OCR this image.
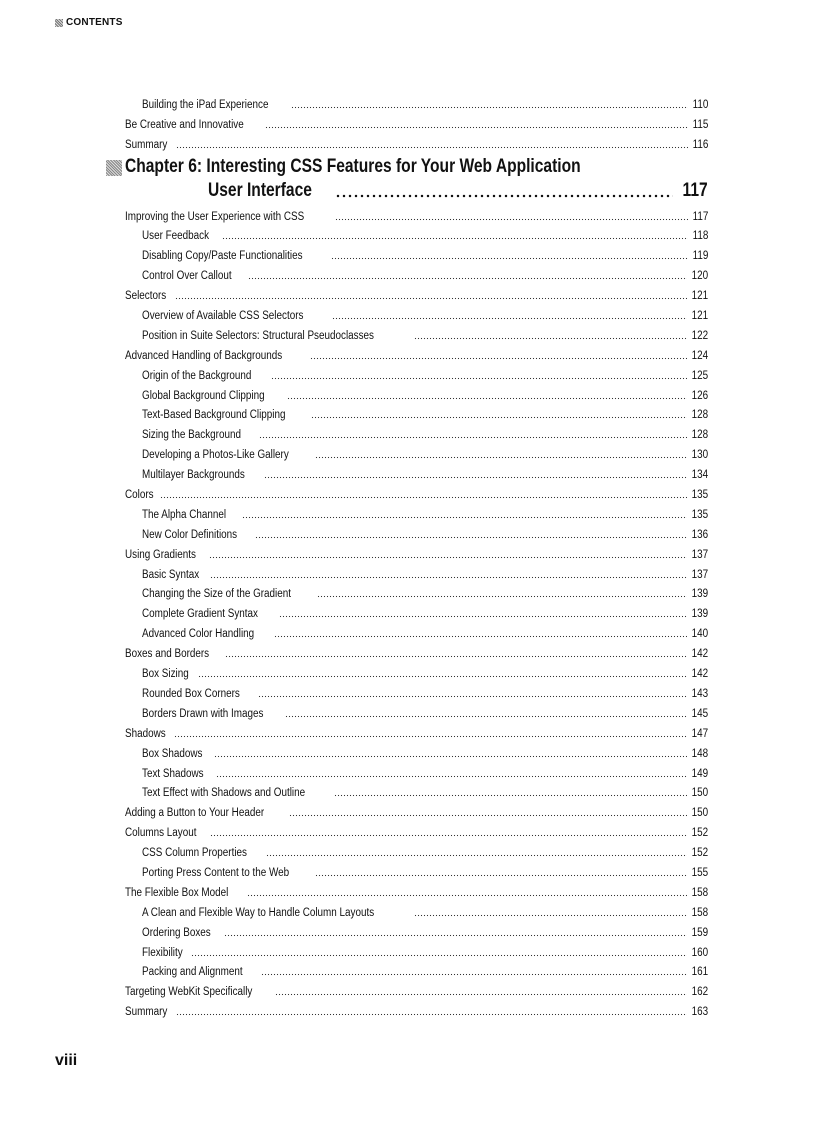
CONTENTS
Building the iPad Experience	110
Be Creative and Innovative	115
Summary	116
Chapter 6: Interesting CSS Features for Your Web Application
User Interface	117
Improving the User Experience with CSS	117
User Feedback	118
Disabling Copy/Paste Functionalities	119
Control Over Callout	120
Selectors	121
Overview of Available CSS Selectors	121
Position in Suite Selectors: Structural Pseudoclasses	122
Advanced Handling of Backgrounds	124
Origin of the Background	125
Global Background Clipping	126
Text-Based Background Clipping	128
Sizing the Background	128
Developing a Photos-Like Gallery	130
Multilayer Backgrounds	134
Colors	135
The Alpha Channel	135
New Color Definitions	136
Using Gradients	137
Basic Syntax	137
Changing the Size of the Gradient	139
Complete Gradient Syntax	139
Advanced Color Handling	140
Boxes and Borders	142
Box Sizing	142
Rounded Box Corners	143
Borders Drawn with Images	145
Shadows	147
Box Shadows	148
Text Shadows	149
Text Effect with Shadows and Outline	150
Adding a Button to Your Header	150
Columns Layout	152
CSS Column Properties	152
Porting Press Content to the Web	155
The Flexible Box Model	158
A Clean and Flexible Way to Handle Column Layouts	158
Ordering Boxes	159
Flexibility	160
Packing and Alignment	161
Targeting WebKit Specifically	162
Summary	163
viii
